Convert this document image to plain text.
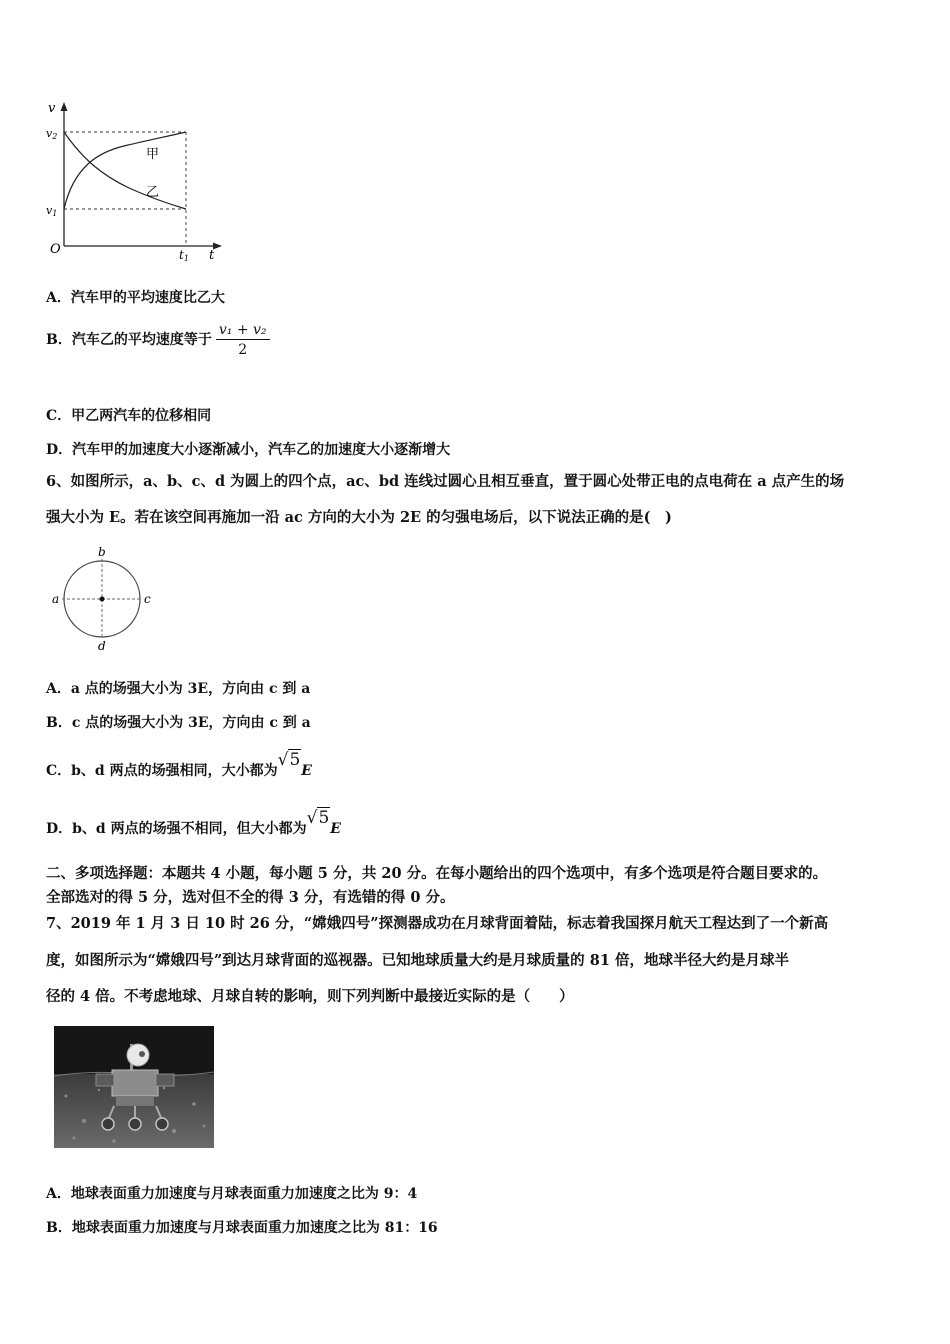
v
v2
v1
O	t1 t
甲
乙
A．汽车甲的平均速度比乙大
B．汽车乙的平均速度等于 $\frac{\text{v₁ + v₂}}{2}$
C．甲乙两汽车的位移相同
D．汽车甲的加速度大小逐渐减小，汽车乙的加速度大小逐渐增大
6、如图所示，a、b、c、d 为圆上的四个点，ac、bd 连线过圆心且相互垂直，置于圆心处带正电的点电荷在 a 点产生的场
强大小为 E。若在该空间再施加一沿 ac 方向的大小为 2E 的匀强电场后，以下说法正确的是(　)
a
b
c
d
A．a 点的场强大小为 3E，方向由 c 到 a
B．c 点的场强大小为 3E，方向由 c 到 a
C．b、d 两点的场强相同，大小都为√5E
D．b、d 两点的场强不相同，但大小都为√5E
二、多项选择题：本题共 4 小题，每小题 5 分，共 20 分。在每小题给出的四个选项中，有多个选项是符合题目要求的。
全部选对的得 5 分，选对但不全的得 3 分，有选错的得 0 分。
7、2019 年 1 月 3 日 10 时 26 分，“嫦娥四号”探测器成功在月球背面着陆，标志着我国探月航天工程达到了一个新高
度，如图所示为“嫦娥四号”到达月球背面的巡视器。已知地球质量大约是月球质量的 81 倍，地球半径大约是月球半
径的 4 倍。不考虑地球、月球自转的影响，则下列判断中最接近实际的是（　　）
A．地球表面重力加速度与月球表面重力加速度之比为 9：4
B．地球表面重力加速度与月球表面重力加速度之比为 81：16
